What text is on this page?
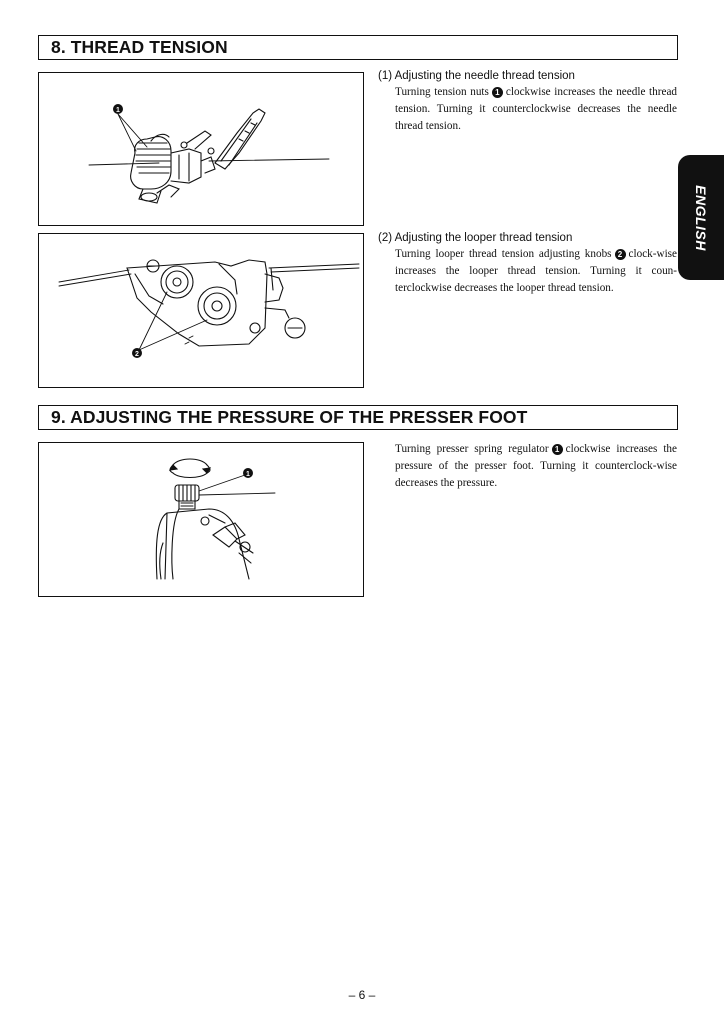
ENGLISH
8. THREAD TENSION
1
(1) Adjusting the needle thread tension
Turning tension nuts 1 clockwise increases the needle thread tension. Turning it counterclockwise decreases the needle thread tension.
2
(2) Adjusting the looper thread tension
Turning looper thread tension adjusting knobs 2 clock-wise increases the looper thread tension. Turning it coun-terclockwise decreases the looper thread tension.
9. ADJUSTING THE PRESSURE OF THE PRESSER FOOT
1
Turning presser spring regulator 1 clockwise increases the pressure of the presser foot. Turning it counterclock-wise decreases the pressure.
– 6 –
